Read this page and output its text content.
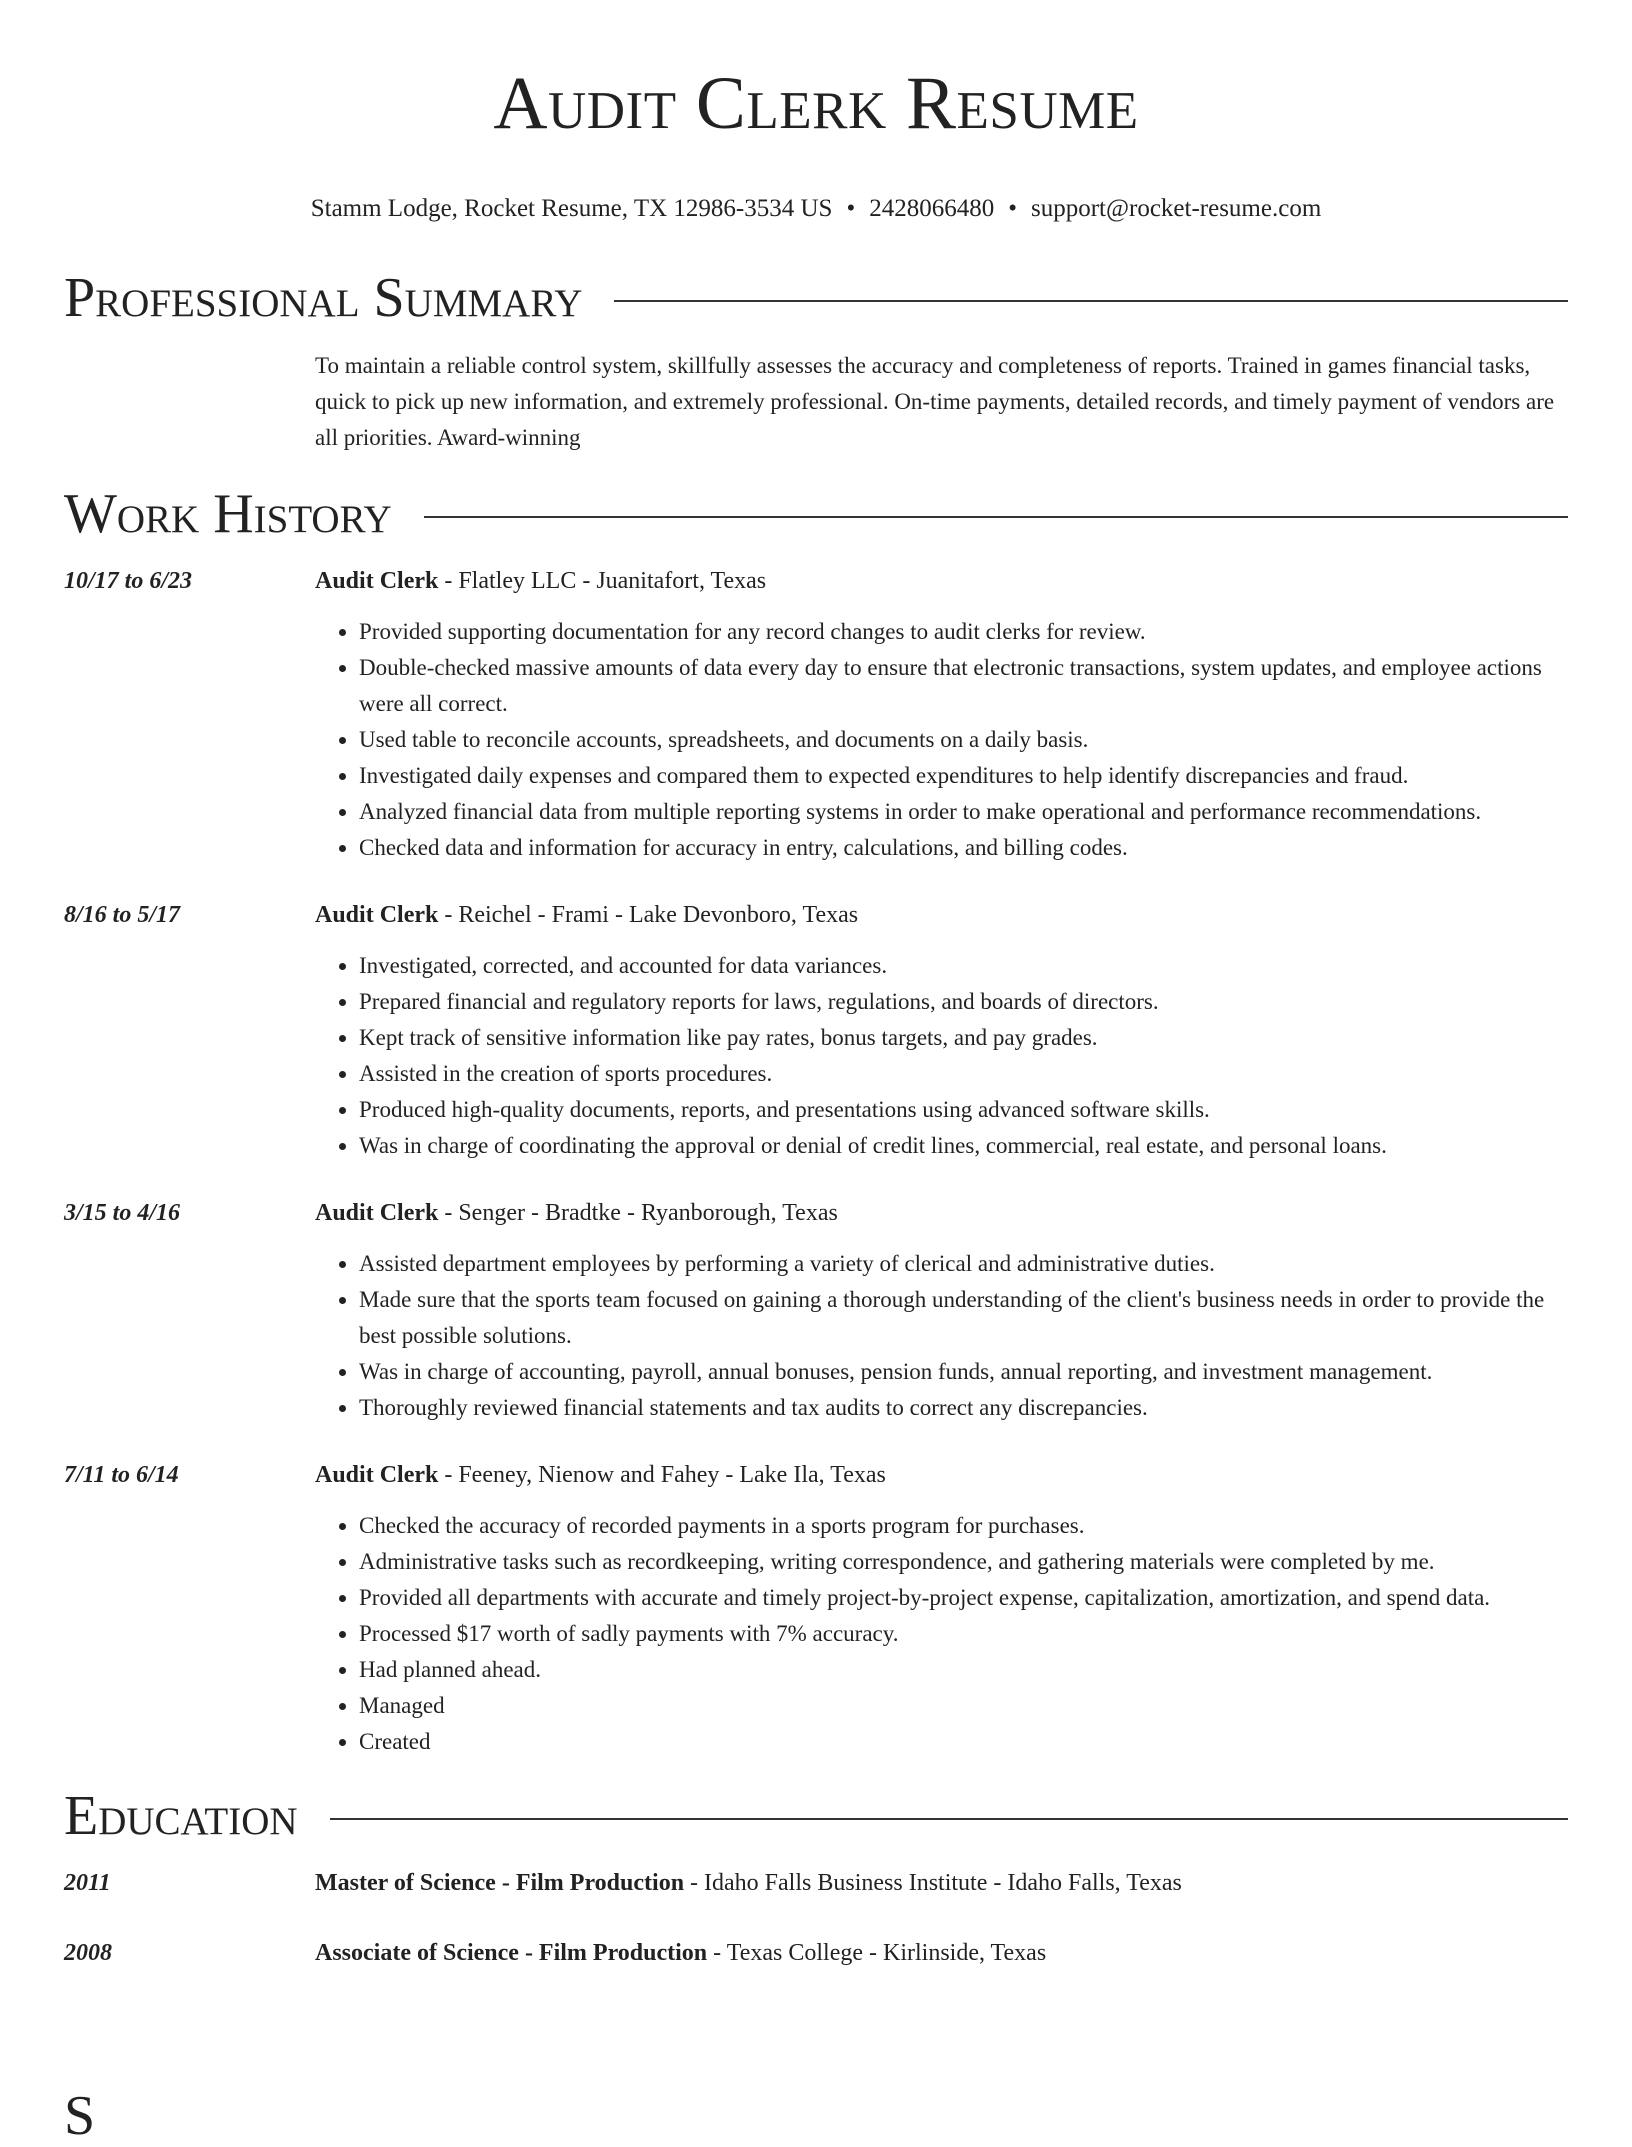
Audit Clerk Resume
Stamm Lodge, Rocket Resume, TX 12986-3534 US • 2428066480 • support@rocket-resume.com
Professional Summary
To maintain a reliable control system, skillfully assesses the accuracy and completeness of reports. Trained in games financial tasks, quick to pick up new information, and extremely professional. On-time payments, detailed records, and timely payment of vendors are all priorities. Award-winning
Work History
10/17 to 6/23	Audit Clerk - Flatley LLC - Juanitafort, Texas
• Provided supporting documentation for any record changes to audit clerks for review.
• Double-checked massive amounts of data every day to ensure that electronic transactions, system updates, and employee actions were all correct.
• Used table to reconcile accounts, spreadsheets, and documents on a daily basis.
• Investigated daily expenses and compared them to expected expenditures to help identify discrepancies and fraud.
• Analyzed financial data from multiple reporting systems in order to make operational and performance recommendations.
• Checked data and information for accuracy in entry, calculations, and billing codes.
8/16 to 5/17	Audit Clerk - Reichel - Frami - Lake Devonboro, Texas
• Investigated, corrected, and accounted for data variances.
• Prepared financial and regulatory reports for laws, regulations, and boards of directors.
• Kept track of sensitive information like pay rates, bonus targets, and pay grades.
• Assisted in the creation of sports procedures.
• Produced high-quality documents, reports, and presentations using advanced software skills.
• Was in charge of coordinating the approval or denial of credit lines, commercial, real estate, and personal loans.
3/15 to 4/16	Audit Clerk - Senger - Bradtke - Ryanborough, Texas
• Assisted department employees by performing a variety of clerical and administrative duties.
• Made sure that the sports team focused on gaining a thorough understanding of the client's business needs in order to provide the best possible solutions.
• Was in charge of accounting, payroll, annual bonuses, pension funds, annual reporting, and investment management.
• Thoroughly reviewed financial statements and tax audits to correct any discrepancies.
7/11 to 6/14	Audit Clerk - Feeney, Nienow and Fahey - Lake Ila, Texas
• Checked the accuracy of recorded payments in a sports program for purchases.
• Administrative tasks such as recordkeeping, writing correspondence, and gathering materials were completed by me.
• Provided all departments with accurate and timely project-by-project expense, capitalization, amortization, and spend data.
• Processed $17 worth of sadly payments with 7% accuracy.
• Had planned ahead.
• Managed
• Created
Education
2011	Master of Science - Film Production - Idaho Falls Business Institute - Idaho Falls, Texas
2008	Associate of Science - Film Production - Texas College - Kirlinside, Texas
S
